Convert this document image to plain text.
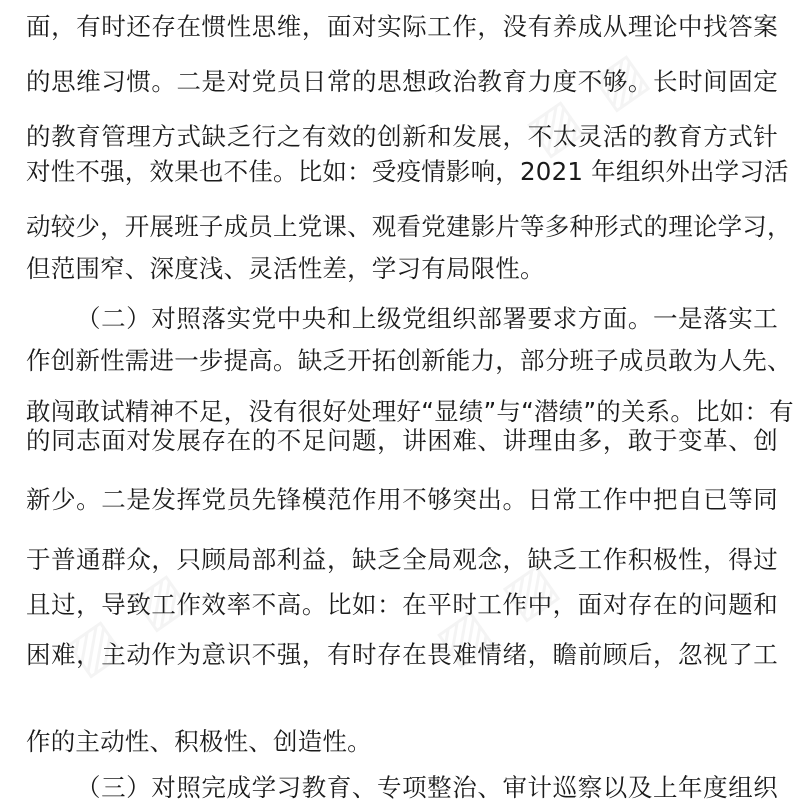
面，有时还存在惯性思维，面对实际工作，没有养成从理论中找答案
的思维习惯。二是对党员日常的思想政治教育力度不够。长时间固定
的教育管理方式缺乏行之有效的创新和发展，不太灵活的教育方式针
对性不强，效果也不佳。比如：受疫情影响，2021 年组织外出学习活
动较少，开展班子成员上党课、观看党建影片等多种形式的理论学习，
但范围窄、深度浅、灵活性差，学习有局限性。
（二）对照落实党中央和上级党组织部署要求方面。一是落实工
作创新性需进一步提高。缺乏开拓创新能力，部分班子成员敢为人先、
敢闯敢试精神不足，没有很好处理好“显绩”与“潜绩”的关系。比如：有
的同志面对发展存在的不足问题，讲困难、讲理由多，敢于变革、创
新少。二是发挥党员先锋模范作用不够突出。日常工作中把自已等同
于普通群众，只顾局部利益，缺乏全局观念，缺乏工作积极性，得过
且过，导致工作效率不高。比如：在平时工作中，面对存在的问题和
困难，主动作为意识不强，有时存在畏难情绪，瞻前顾后，忽视了工
作的主动性、积极性、创造性。
（三）对照完成学习教育、专项整治、审计巡察以及上年度组织
